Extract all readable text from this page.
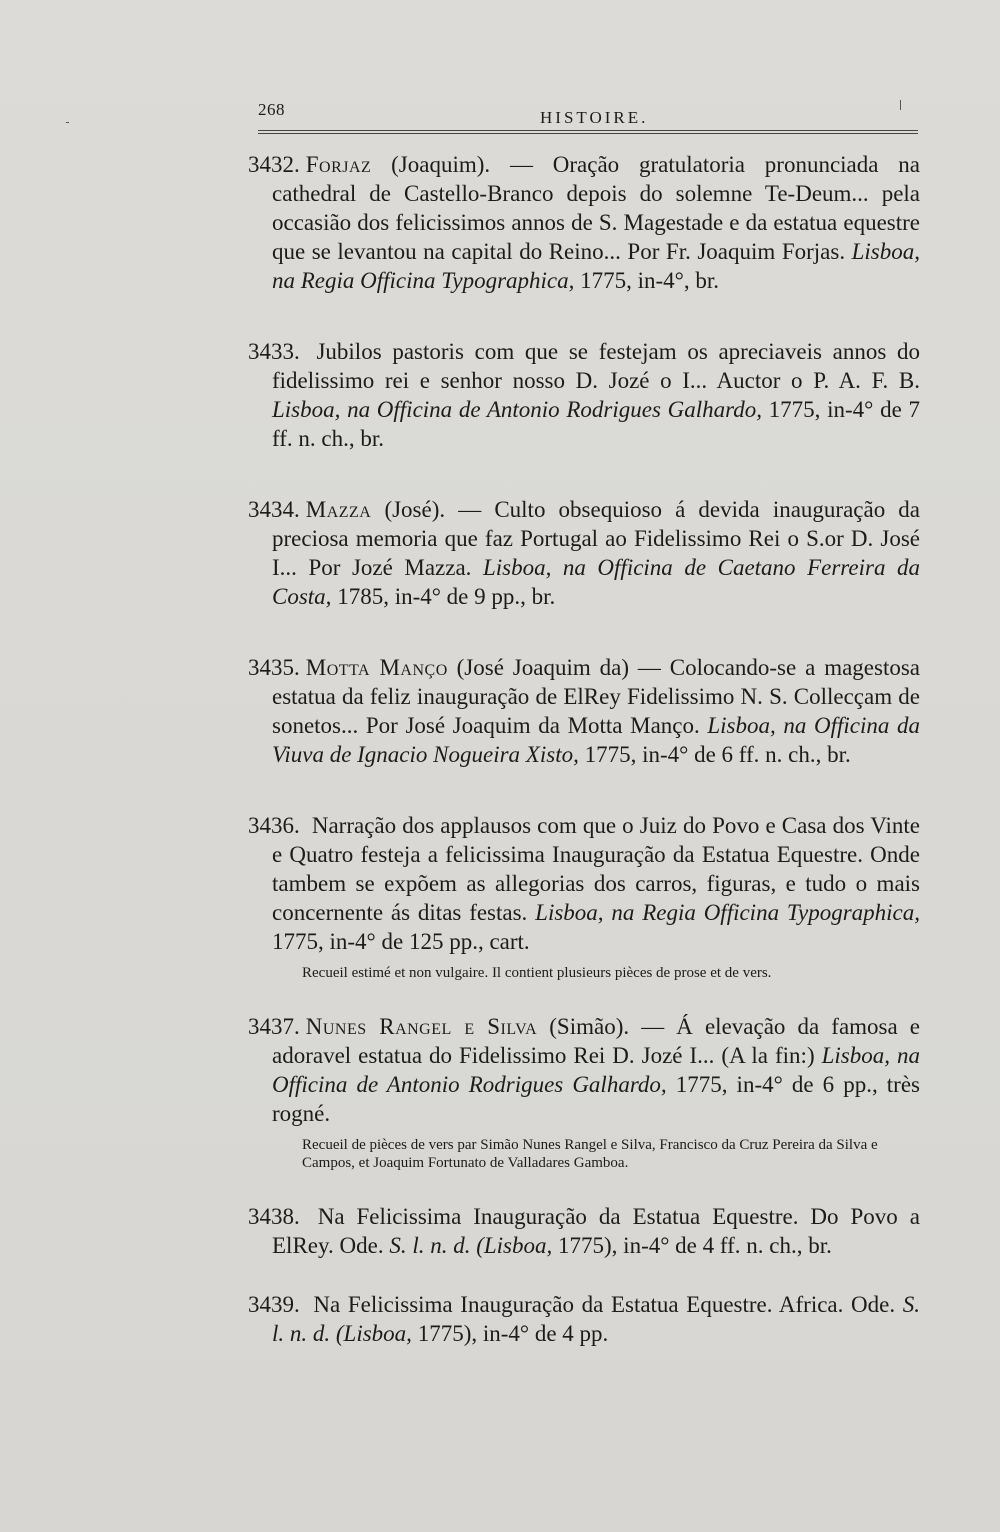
268	HISTOIRE.
3432. Forjaz (Joaquim). — Oração gratulatoria pronunciada na cathedral de Castello-Branco depois do solemne Te-Deum... pela occasião dos felicissimos annos de S. Magestade e da estatua equestre que se levantou na capital do Reino... Por Fr. Joaquim Forjas. Lisboa, na Regia Officina Typographica, 1775, in-4°, br.
3433. Jubilos pastoris com que se festejam os apreciaveis annos do fidelissimo rei e senhor nosso D. Jozé o I... Auctor o P. A. F. B. Lisboa, na Officina de Antonio Rodrigues Galhardo, 1775, in-4° de 7 ff. n. ch., br.
3434. Mazza (José). — Culto obsequioso á devida inauguração da preciosa memoria que faz Portugal ao Fidelissimo Rei o S.or D. José I... Por Jozé Mazza. Lisboa, na Officina de Caetano Ferreira da Costa, 1785, in-4° de 9 pp., br.
3435. Motta Manço (José Joaquim da) — Colocando-se a magestosa estatua da feliz inauguração de ElRey Fidelissimo N. S. Collecçam de sonetos... Por José Joaquim da Motta Manço. Lisboa, na Officina da Viuva de Ignacio Nogueira Xisto, 1775, in-4° de 6 ff. n. ch., br.
3436. Narração dos applausos com que o Juiz do Povo e Casa dos Vinte e Quatro festeja a felicissima Inauguração da Estatua Equestre. Onde tambem se expõem as allegorias dos carros, figuras, e tudo o mais concernente ás ditas festas. Lisboa, na Regia Officina Typographica, 1775, in-4° de 125 pp., cart.
Recueil estimé et non vulgaire. Il contient plusieurs pièces de prose et de vers.
3437. Nunes Rangel e Silva (Simão). — Á elevação da famosa e adoravel estatua do Fidelissimo Rei D. Jozé I... (A la fin:) Lisboa, na Officina de Antonio Rodrigues Galhardo, 1775, in-4° de 6 pp., très rogné.
Recueil de pièces de vers par Simão Nunes Rangel e Silva, Francisco da Cruz Pereira da Silva e Campos, et Joaquim Fortunato de Valladares Gamboa.
3438. Na Felicissima Inauguração da Estatua Equestre. Do Povo a ElRey. Ode. S. l. n. d. (Lisboa, 1775), in-4° de 4 ff. n. ch., br.
3439. Na Felicissima Inauguração da Estatua Equestre. Africa. Ode. S. l. n. d. (Lisboa, 1775), in-4° de 4 pp.
